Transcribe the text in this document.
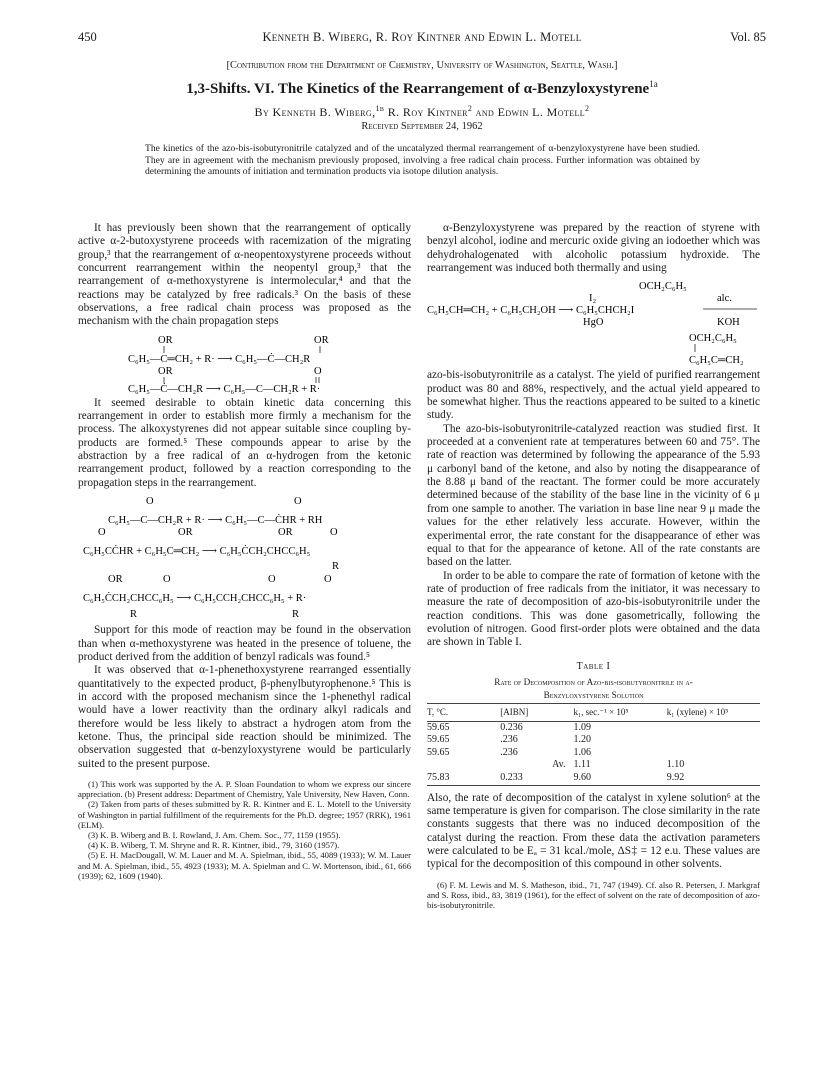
450	Kenneth B. Wiberg, R. Roy Kintner and Edwin L. Motell	Vol. 85
[Contribution from the Department of Chemistry, University of Washington, Seattle, Wash.]
1,3-Shifts. VI. The Kinetics of the Rearrangement of α-Benzyloxystyrene$^{1a}$
By Kenneth B. Wiberg,$^{1b}$ R. Roy Kintner$^2$ and Edwin L. Motell$^2$
Received September 24, 1962
The kinetics of the azo-bis-isobutyronitrile catalyzed and of the uncatalyzed thermal rearrangement of α-benzyloxystyrene have been studied. They are in agreement with the mechanism previously proposed, involving a free radical chain process. Further information was obtained by determining the amounts of initiation and termination products via isotope dilution analysis.

It has previously been shown that the rearrangement of optically active α-2-butoxystyrene proceeds with racemization of the migrating group,³ that the rearrangement of α-neopentoxystyrene proceeds without concurrent rearrangement within the neopentyl group,³ that the rearrangement of α-methoxystyrene is intermolecular,⁴ and that the reactions may be catalyzed by free radicals.³ On the basis of these observations, a free radical chain process was proposed as the mechanism with the chain propagation steps

OR	OR
C₆H₅—C═CH₂ + R· ⟶ C₆H₅—Ċ—CH₂R
OR	O
C₆H₅—Ċ—CH₂R ⟶ C₆H₅—C—CH₂R + R·

It seemed desirable to obtain kinetic data concerning this rearrangement in order to establish more firmly a mechanism for the process. The alkoxystyrenes did not appear suitable since coupling by-products are formed.⁵ These compounds appear to arise by the abstraction by a free radical of an α-hydrogen from the ketonic rearrangement product, followed by a reaction corresponding to the propagation steps in the rearrangement.

O	O
C₆H₅—C—CH₂R + R· ⟶ C₆H₅—C—ĊHR + RH
O	OR	OR	O
C₆H₅CĊHR + C₆H₅C═CH₂ ⟶ C₆H₅ĊCH₂CHCC₆H₅
R
OR	O	O	O
C₆H₅ĊCH₂CHCC₆H₅ ⟶ C₆H₅CCH₂CHCC₆H₅ + R·
R	R

Support for this mode of reaction may be found in the observation than when α-methoxystyrene was heated in the presence of toluene, the product derived from the addition of benzyl radicals was found.⁵

It was observed that α-1-phenethoxystyrene rearranged essentially quantitatively to the expected product, β-phenylbutyrophenone.⁵ This is in accord with the proposed mechanism since the 1-phenethyl radical would have a lower reactivity than the ordinary alkyl radicals and therefore would be less likely to abstract a hydrogen atom from the ketone. Thus, the principal side reaction should be minimized. The observation suggested that α-benzyloxystyrene would be particularly suited to the present purpose.

(1) This work was supported by the A. P. Sloan Foundation to whom we express our sincere appreciation. (b) Present address: Department of Chemistry, Yale University, New Haven, Conn.

(2) Taken from parts of theses submitted by R. R. Kintner and E. L. Motell to the University of Washington in partial fulfillment of the requirements for the Ph.D. degree; 1957 (RRK), 1961 (ELM).

(3) K. B. Wiberg and B. I. Rowland, J. Am. Chem. Soc., 77, 1159 (1955).

(4) K. B. Wiberg, T. M. Shryne and R. R. Kintner, ibid., 79, 3160 (1957).

(5) E. H. MacDougall, W. M. Lauer and M. A. Spielman, ibid., 55, 4089 (1933); W. M. Lauer and M. A. Spielman, ibid., 55, 4923 (1933); M. A. Spielman and C. W. Mortenson, ibid., 61, 666 (1939); 62, 1609 (1940).

α-Benzyloxystyrene was prepared by the reaction of styrene with benzyl alcohol, iodine and mercuric oxide giving an iodoether which was dehydrohalogenated with alcoholic potassium hydroxide. The rearrangement was induced both thermally and using

OCH₂C₆H₅
I₂	alc.
C₆H₅CH═CH₂ + C₆H₅CH₂OH ⟶ C₆H₅CHCH₂I
HgO	KOH
OCH₂C₆H₅
C₆H₅C═CH₂

azo-bis-isobutyronitrile as a catalyst. The yield of purified rearrangement product was 80 and 88%, respectively, and the actual yield appeared to be somewhat higher. Thus the reactions appeared to be suited to a kinetic study.

The azo-bis-isobutyronitrile-catalyzed reaction was studied first. It proceeded at a convenient rate at temperatures between 60 and 75°. The rate of reaction was determined by following the appearance of the 5.93 μ carbonyl band of the ketone, and also by noting the disappearance of the 8.88 μ band of the reactant. The former could be more accurately determined because of the stability of the base line in the vicinity of 6 μ from one sample to another. The variation in base line near 9 μ made the values for the ether relatively less accurate. However, within the experimental error, the rate constant for the disappearance of ether was equal to that for the appearance of ketone. All of the rate constants are based on the latter.

In order to be able to compare the rate of formation of ketone with the rate of production of free radicals from the initiator, it was necessary to measure the rate of decomposition of azo-bis-isobutyronitrile under the reaction conditions. This was done gasometrically, following the evolution of nitrogen. Good first-order plots were obtained and the data are shown in Table I.

Table I
Rate of Decomposition of Azo-bis-isobutyronitrile in α-
Benzyloxystyrene Solution
T, °C.	[AIBN]	k₁, sec.⁻¹ × 10⁵	k₁ (xylene) × 10⁵
59.65	0.236	1.09	
59.65	.236	1.20	
59.65	.236	1.06	
	Av.	1.11	1.10
75.83	0.233	9.60	9.92

Also, the rate of decomposition of the catalyst in xylene solution⁶ at the same temperature is given for comparison. The close similarity in the rate constants suggests that there was no induced decomposition of the catalyst during the reaction. From these data the activation parameters were calculated to be Eₐ = 31 kcal./mole, ΔS‡ = 12 e.u. These values are typical for the decomposition of this compound in other solvents.

(6) F. M. Lewis and M. S. Matheson, ibid., 71, 747 (1949). Cf. also R. Petersen, J. Markgraf and S. Ross, ibid., 83, 3819 (1961), for the effect of solvent on the rate of decomposition of azo-bis-isobutyronitrile.
